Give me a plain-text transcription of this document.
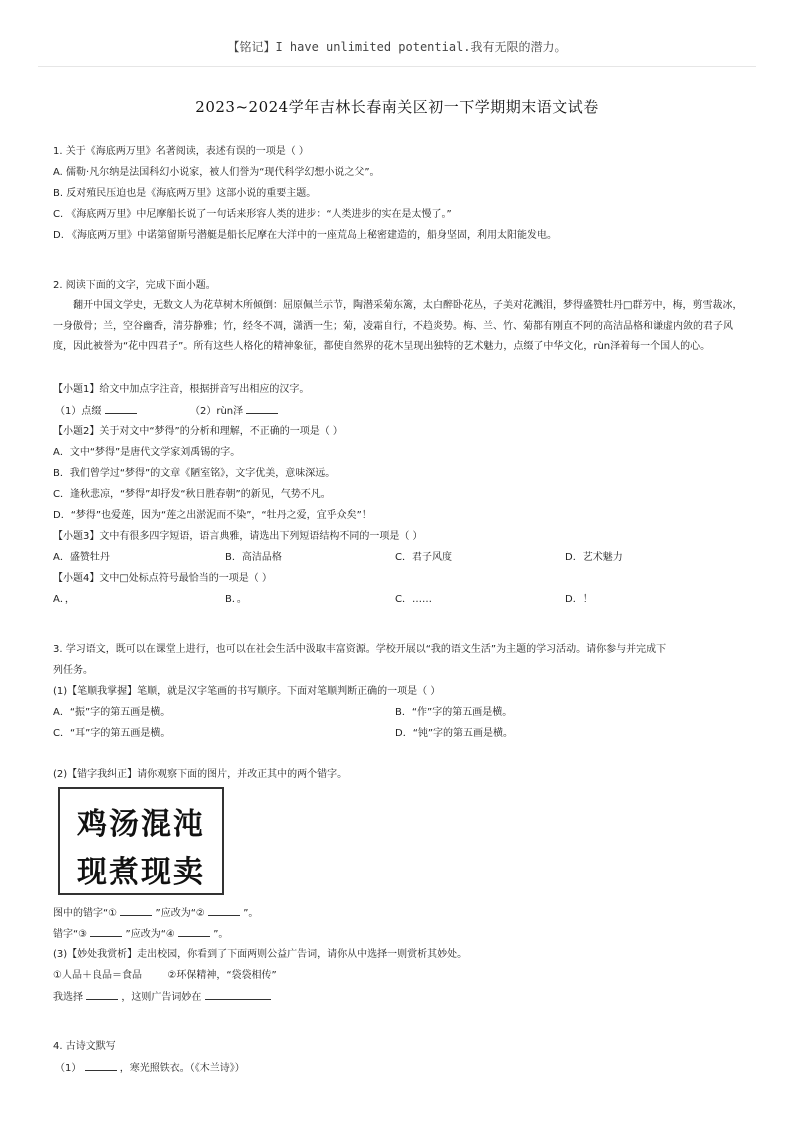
【铭记】I have unlimited potential.我有无限的潜力。
2023~2024学年吉林长春南关区初一下学期期末语文试卷
1. 关于《海底两万里》名著阅读，表述有误的一项是（ ）
A. 儒勒·凡尔纳是法国科幻小说家，被人们誉为“现代科学幻想小说之父”。
B. 反对殖民压迫也是《海底两万里》这部小说的重要主题。
C. 《海底两万里》中尼摩船长说了一句话来形容人类的进步：“人类进步的实在是太慢了。”
D. 《海底两万里》中诺第留斯号潜艇是船长尼摩在大洋中的一座荒岛上秘密建造的，船身坚固，利用太阳能发电。
2. 阅读下面的文字，完成下面小题。
翻开中国文学史，无数文人为花草树木所倾倒：屈原佩兰示节，陶潜采菊东篱，太白醉卧花丛，子美对花溅泪，梦得盛赞牡丹□群芳中，梅，剪雪裁冰，一身傲骨；兰，空谷幽香，清芬静雅；竹，经冬不凋，潇洒一生；菊，凌霜自行，不趋炎势。梅、兰、竹、菊都有刚直不阿的高洁品格和谦虚内敛的君子风度，因此被誉为“花中四君子”。所有这些人格化的精神象征，都使自然界的花木呈现出独特的艺术魅力，点缀了中华文化，rùn泽着每一个国人的心。
【小题1】给文中加点字注音，根据拼音写出相应的汉字。
（1）点缀	（2）rùn泽
【小题2】关于对文中“梦得”的分析和理解，不正确的一项是（ ）
A．文中“梦得”是唐代文学家刘禹锡的字。
B．我们曾学过“梦得”的文章《陋室铭》，文字优美，意味深远。
C．逢秋悲凉，“梦得”却抒发“秋日胜春朝”的新见，气势不凡。
D．“梦得”也爱莲，因为“莲之出淤泥而不染”，“牡丹之爱，宜乎众矣”！
【小题3】文中有很多四字短语，语言典雅，请选出下列短语结构不同的一项是（ ）
A．盛赞牡丹	B．高洁品格	C．君子风度	D．艺术魅力
【小题4】文中□处标点符号最恰当的一项是（ ）
A．，	B．。	C．……	D．！
3. 学习语文，既可以在课堂上进行，也可以在社会生活中汲取丰富资源。学校开展以“我的语文生活”为主题的学习活动。请你参与并完成下
列任务。
(1)【笔顺我掌握】笔顺，就是汉字笔画的书写顺序。下面对笔顺判断正确的一项是（ ）
A．“振”字的第五画是横。	B．“作”字的第五画是横。
C．“耳”字的第五画是横。	D．“钝”字的第五画是横。
(2)【错字我纠正】请你观察下面的图片，并改正其中的两个错字。
鸡汤混沌
现煮现卖
图中的错字“①	”应改为“②	”。
错字“③	”应改为“④	”。
(3)【妙处我赏析】走出校园，你看到了下面两则公益广告词，请你从中选择一则赏析其妙处。
①人品＋良品＝食品        ②环保精神，“袋袋相传”
我选择	，这则广告词妙在
4. 古诗文默写
（1）	，寒光照铁衣。（《木兰诗》）
